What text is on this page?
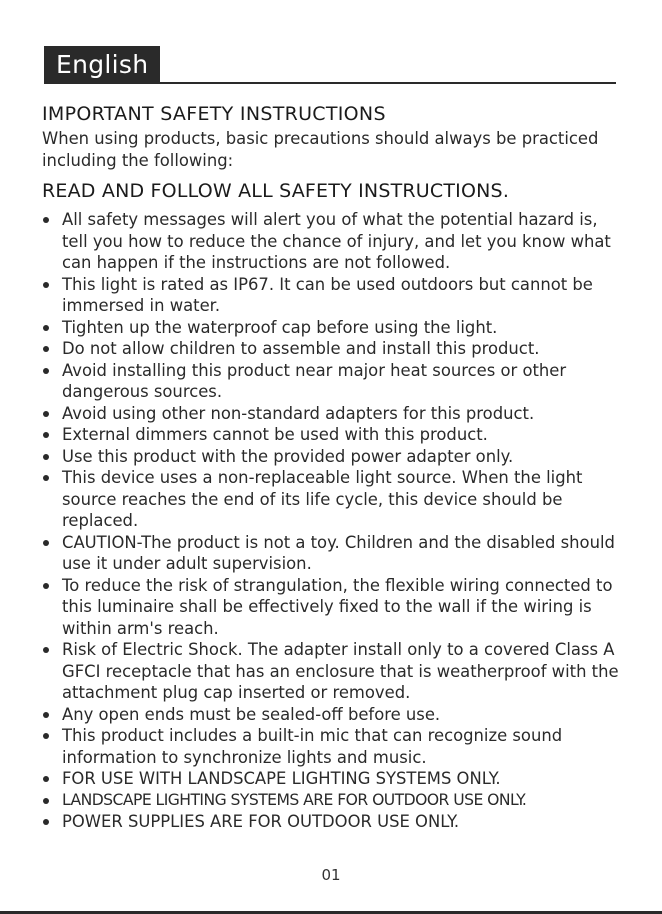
English
IMPORTANT SAFETY INSTRUCTIONS

When using products, basic precautions should always be practiced including the following:

READ AND FOLLOW ALL SAFETY INSTRUCTIONS.
All safety messages will alert you of what the potential hazard is, tell you how to reduce the chance of injury, and let you know what can happen if the instructions are not followed.
This light is rated as IP67. It can be used outdoors but cannot be immersed in water.
Tighten up the waterproof cap before using the light.
Do not allow children to assemble and install this product.
Avoid installing this product near major heat sources or other dangerous sources.
Avoid using other non-standard adapters for this product.
External dimmers cannot be used with this product.
Use this product with the provided power adapter only.
This device uses a non-replaceable light source. When the light source reaches the end of its life cycle, this device should be replaced.
CAUTION-The product is not a toy. Children and the disabled should use it under adult supervision.
To reduce the risk of strangulation, the flexible wiring connected to this luminaire shall be effectively fixed to the wall if the wiring is within arm's reach.
Risk of Electric Shock. The adapter install only to a covered Class A GFCI receptacle that has an enclosure that is weatherproof with the attachment plug cap inserted or removed.
Any open ends must be sealed-off before use.
This product includes a built-in mic that can recognize sound information to synchronize lights and music.
FOR USE WITH LANDSCAPE LIGHTING SYSTEMS ONLY.
LANDSCAPE LIGHTING SYSTEMS ARE FOR OUTDOOR USE ONLY.
POWER SUPPLIES ARE FOR OUTDOOR USE ONLY.
01
